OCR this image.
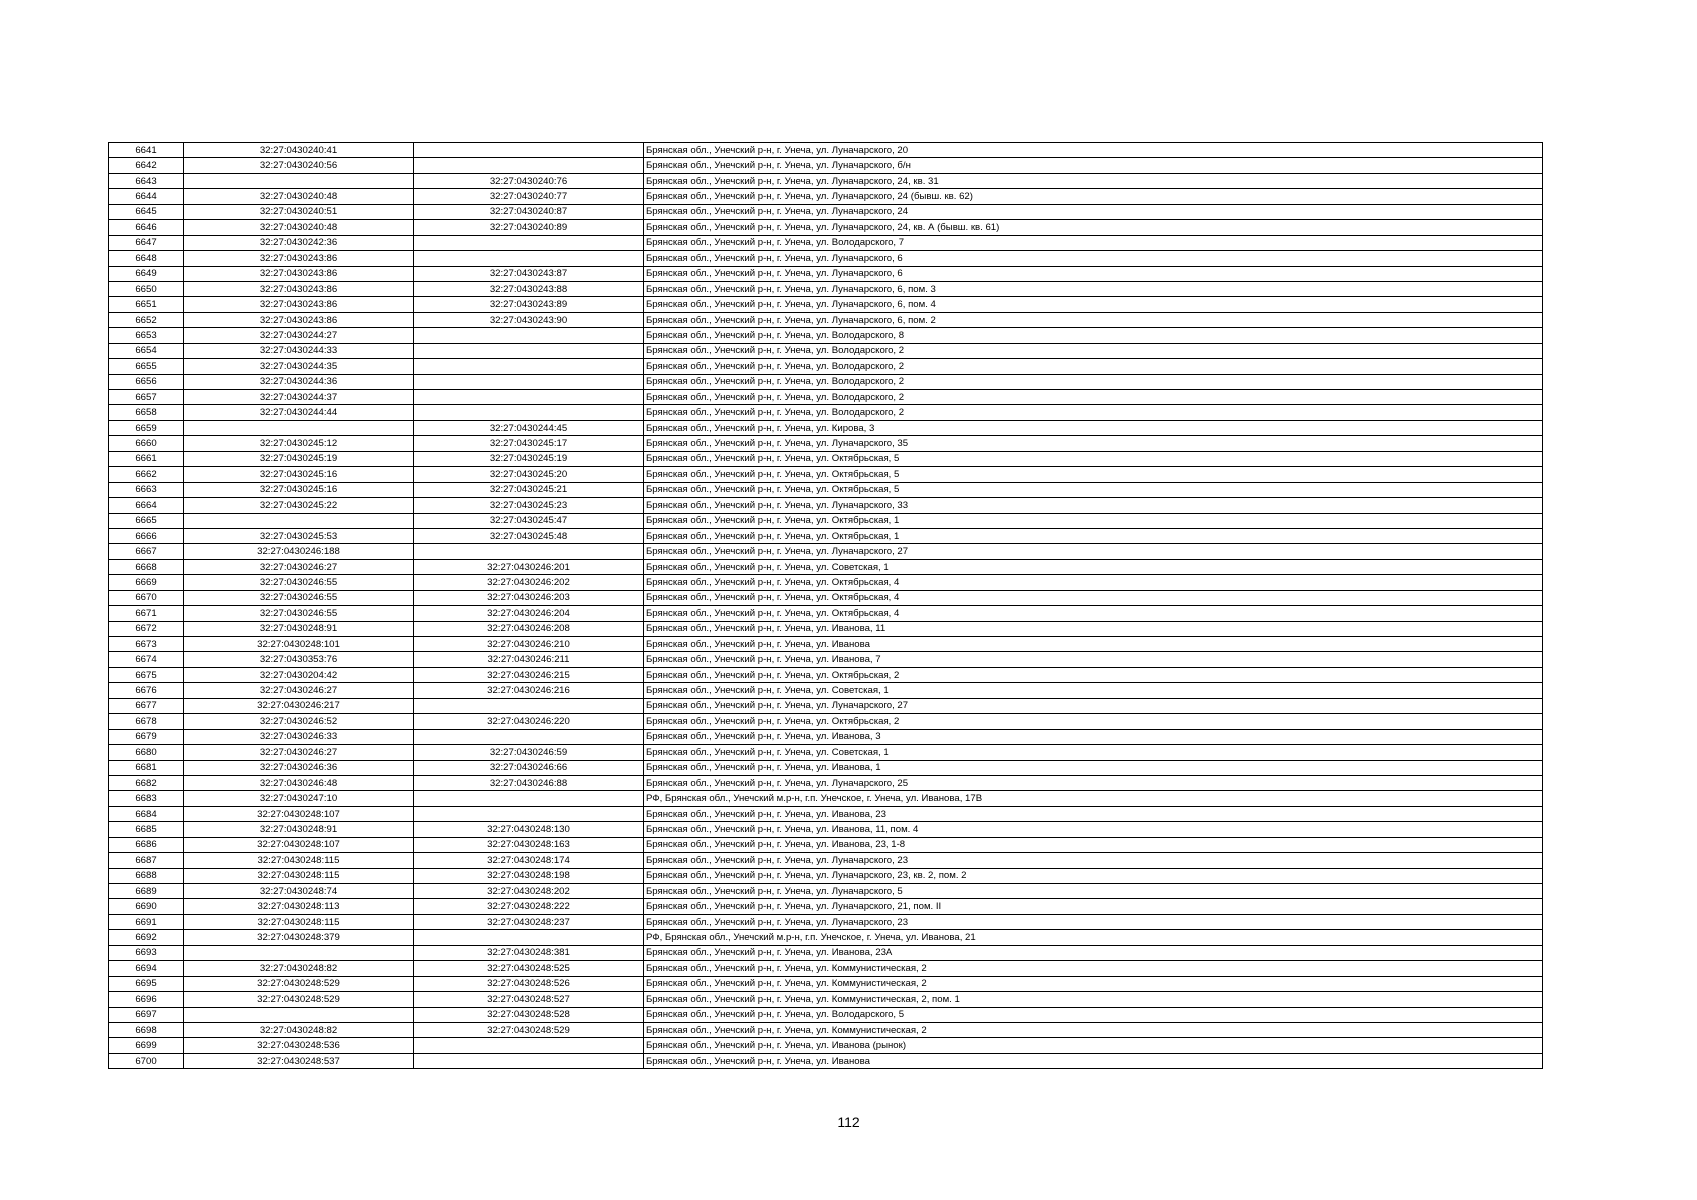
6641	32:27:0430240:41		Брянская обл., Унечский р-н, г. Унеча, ул. Луначарского, 20
6642	32:27:0430240:56		Брянская обл., Унечский р-н, г. Унеча, ул. Луначарского, б/н
6643		32:27:0430240:76	Брянская обл., Унечский р-н, г. Унеча, ул. Луначарского, 24, кв. 31
6644	32:27:0430240:48	32:27:0430240:77	Брянская обл., Унечский р-н, г. Унеча, ул. Луначарского, 24 (бывш. кв. 62)
6645	32:27:0430240:51	32:27:0430240:87	Брянская обл., Унечский р-н, г. Унеча, ул. Луначарского, 24
6646	32:27:0430240:48	32:27:0430240:89	Брянская обл., Унечский р-н, г. Унеча, ул. Луначарского, 24, кв. А (бывш. кв. 61)
6647	32:27:0430242:36		Брянская обл., Унечский р-н, г. Унеча, ул. Володарского, 7
6648	32:27:0430243:86		Брянская обл., Унечский р-н, г. Унеча, ул. Луначарского, 6
6649	32:27:0430243:86	32:27:0430243:87	Брянская обл., Унечский р-н, г. Унеча, ул. Луначарского, 6
6650	32:27:0430243:86	32:27:0430243:88	Брянская обл., Унечский р-н, г. Унеча, ул. Луначарского, 6, пом. 3
6651	32:27:0430243:86	32:27:0430243:89	Брянская обл., Унечский р-н, г. Унеча, ул. Луначарского, 6, пом. 4
6652	32:27:0430243:86	32:27:0430243:90	Брянская обл., Унечский р-н, г. Унеча, ул. Луначарского, 6, пом. 2
6653	32:27:0430244:27		Брянская обл., Унечский р-н, г. Унеча, ул. Володарского, 8
6654	32:27:0430244:33		Брянская обл., Унечский р-н, г. Унеча, ул. Володарского, 2
6655	32:27:0430244:35		Брянская обл., Унечский р-н, г. Унеча, ул. Володарского, 2
6656	32:27:0430244:36		Брянская обл., Унечский р-н, г. Унеча, ул. Володарского, 2
6657	32:27:0430244:37		Брянская обл., Унечский р-н, г. Унеча, ул. Володарского, 2
6658	32:27:0430244:44		Брянская обл., Унечский р-н, г. Унеча, ул. Володарского, 2
6659		32:27:0430244:45	Брянская обл., Унечский р-н, г. Унеча, ул. Кирова, 3
6660	32:27:0430245:12	32:27:0430245:17	Брянская обл., Унечский р-н, г. Унеча, ул. Луначарского, 35
6661	32:27:0430245:19	32:27:0430245:19	Брянская обл., Унечский р-н, г. Унеча, ул. Октябрьская, 5
6662	32:27:0430245:16	32:27:0430245:20	Брянская обл., Унечский р-н, г. Унеча, ул. Октябрьская, 5
6663	32:27:0430245:16	32:27:0430245:21	Брянская обл., Унечский р-н, г. Унеча, ул. Октябрьская, 5
6664	32:27:0430245:22	32:27:0430245:23	Брянская обл., Унечский р-н, г. Унеча, ул. Луначарского, 33
6665		32:27:0430245:47	Брянская обл., Унечский р-н, г. Унеча, ул. Октябрьская, 1
6666	32:27:0430245:53	32:27:0430245:48	Брянская обл., Унечский р-н, г. Унеча, ул. Октябрьская, 1
6667	32:27:0430246:188		Брянская обл., Унечский р-н, г. Унеча, ул. Луначарского, 27
6668	32:27:0430246:27	32:27:0430246:201	Брянская обл., Унечский р-н, г. Унеча, ул. Советская, 1
6669	32:27:0430246:55	32:27:0430246:202	Брянская обл., Унечский р-н, г. Унеча, ул. Октябрьская, 4
6670	32:27:0430246:55	32:27:0430246:203	Брянская обл., Унечский р-н, г. Унеча, ул. Октябрьская, 4
6671	32:27:0430246:55	32:27:0430246:204	Брянская обл., Унечский р-н, г. Унеча, ул. Октябрьская, 4
6672	32:27:0430248:91	32:27:0430246:208	Брянская обл., Унечский р-н, г. Унеча, ул. Иванова, 11
6673	32:27:0430248:101	32:27:0430246:210	Брянская обл., Унечский р-н, г. Унеча, ул. Иванова
6674	32:27:0430353:76	32:27:0430246:211	Брянская обл., Унечский р-н, г. Унеча, ул. Иванова, 7
6675	32:27:0430204:42	32:27:0430246:215	Брянская обл., Унечский р-н, г. Унеча, ул. Октябрьская, 2
6676	32:27:0430246:27	32:27:0430246:216	Брянская обл., Унечский р-н, г. Унеча, ул. Советская, 1
6677	32:27:0430246:217		Брянская обл., Унечский р-н, г. Унеча, ул. Луначарского, 27
6678	32:27:0430246:52	32:27:0430246:220	Брянская обл., Унечский р-н, г. Унеча, ул. Октябрьская, 2
6679	32:27:0430246:33		Брянская обл., Унечский р-н, г. Унеча, ул. Иванова, 3
6680	32:27:0430246:27	32:27:0430246:59	Брянская обл., Унечский р-н, г. Унеча, ул. Советская, 1
6681	32:27:0430246:36	32:27:0430246:66	Брянская обл., Унечский р-н, г. Унеча, ул. Иванова, 1
6682	32:27:0430246:48	32:27:0430246:88	Брянская обл., Унечский р-н, г. Унеча, ул. Луначарского, 25
6683	32:27:0430247:10		РФ, Брянская обл., Унечский м.р-н, г.п. Унечское, г. Унеча, ул. Иванова, 17В
6684	32:27:0430248:107		Брянская обл., Унечский р-н, г. Унеча, ул. Иванова, 23
6685	32:27:0430248:91	32:27:0430248:130	Брянская обл., Унечский р-н, г. Унеча, ул. Иванова, 11, пом. 4
6686	32:27:0430248:107	32:27:0430248:163	Брянская обл., Унечский р-н, г. Унеча, ул. Иванова, 23, 1-8
6687	32:27:0430248:115	32:27:0430248:174	Брянская обл., Унечский р-н, г. Унеча, ул. Луначарского, 23
6688	32:27:0430248:115	32:27:0430248:198	Брянская обл., Унечский р-н, г. Унеча, ул. Луначарского, 23, кв. 2, пом. 2
6689	32:27:0430248:74	32:27:0430248:202	Брянская обл., Унечский р-н, г. Унеча, ул. Луначарского, 5
6690	32:27:0430248:113	32:27:0430248:222	Брянская обл., Унечский р-н, г. Унеча, ул. Луначарского, 21, пом. II
6691	32:27:0430248:115	32:27:0430248:237	Брянская обл., Унечский р-н, г. Унеча, ул. Луначарского, 23
6692	32:27:0430248:379		РФ, Брянская обл., Унечский м.р-н, г.п. Унечское, г. Унеча, ул. Иванова, 21
6693		32:27:0430248:381	Брянская обл., Унечский р-н, г. Унеча, ул. Иванова, 23А
6694	32:27:0430248:82	32:27:0430248:525	Брянская обл., Унечский р-н, г. Унеча, ул. Коммунистическая, 2
6695	32:27:0430248:529	32:27:0430248:526	Брянская обл., Унечский р-н, г. Унеча, ул. Коммунистическая, 2
6696	32:27:0430248:529	32:27:0430248:527	Брянская обл., Унечский р-н, г. Унеча, ул. Коммунистическая, 2, пом. 1
6697		32:27:0430248:528	Брянская обл., Унечский р-н, г. Унеча, ул. Володарского, 5
6698	32:27:0430248:82	32:27:0430248:529	Брянская обл., Унечский р-н, г. Унеча, ул. Коммунистическая, 2
6699	32:27:0430248:536		Брянская обл., Унечский р-н, г. Унеча, ул. Иванова (рынок)
6700	32:27:0430248:537		Брянская обл., Унечский р-н, г. Унеча, ул. Иванова
112
